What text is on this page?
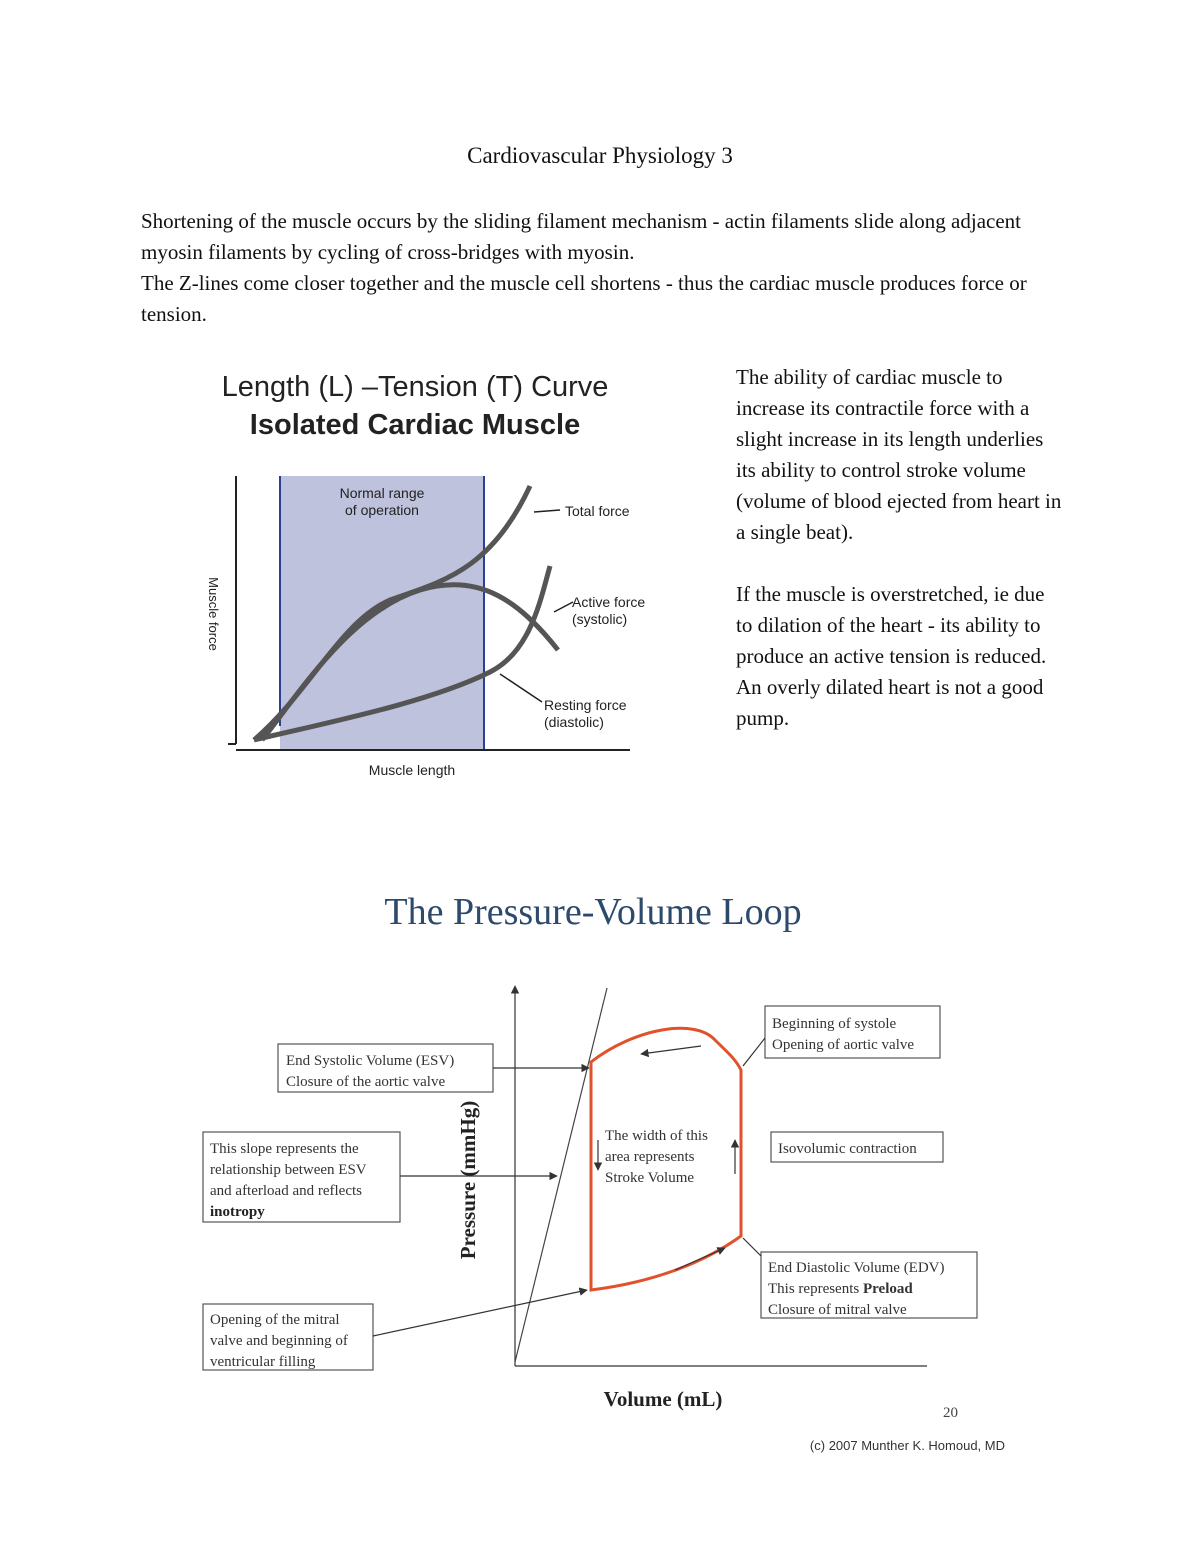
Cardiovascular Physiology 3

Shortening of the muscle occurs by the sliding filament mechanism - actin filaments slide along adjacent myosin filaments by cycling of cross-bridges with myosin.

The Z-lines come closer together and the muscle cell shortens - thus the cardiac muscle produces force or tension.

Length (L) –Tension (T) Curve
Isolated Cardiac Muscle
Normal range
of operation
Muscle force
Muscle length
Total force
Active force
(systolic)
Resting force
(diastolic)

The ability of cardiac muscle to increase its contractile force with a slight increase in its length underlies its ability to control stroke volume (volume of blood ejected from heart in a single beat).

If the muscle is overstretched, ie due to dilation of the heart - its ability to produce an active tension is reduced.

An overly dilated heart is not a good pump.

The Pressure-Volume Loop
Pressure (mmHg)
Volume (mL)
The width of this
area represents
Stroke Volume
End Systolic Volume (ESV)
Closure of the aortic valve
This slope represents the
relationship between ESV
and afterload and reflects
inotropy
Opening of the mitral
valve and beginning of
ventricular filling
Beginning of systole
Opening of aortic valve
Isovolumic contraction
End Diastolic Volume (EDV)
This represents Preload
Closure of mitral valve
20
(c) 2007 Munther K. Homoud, MD
